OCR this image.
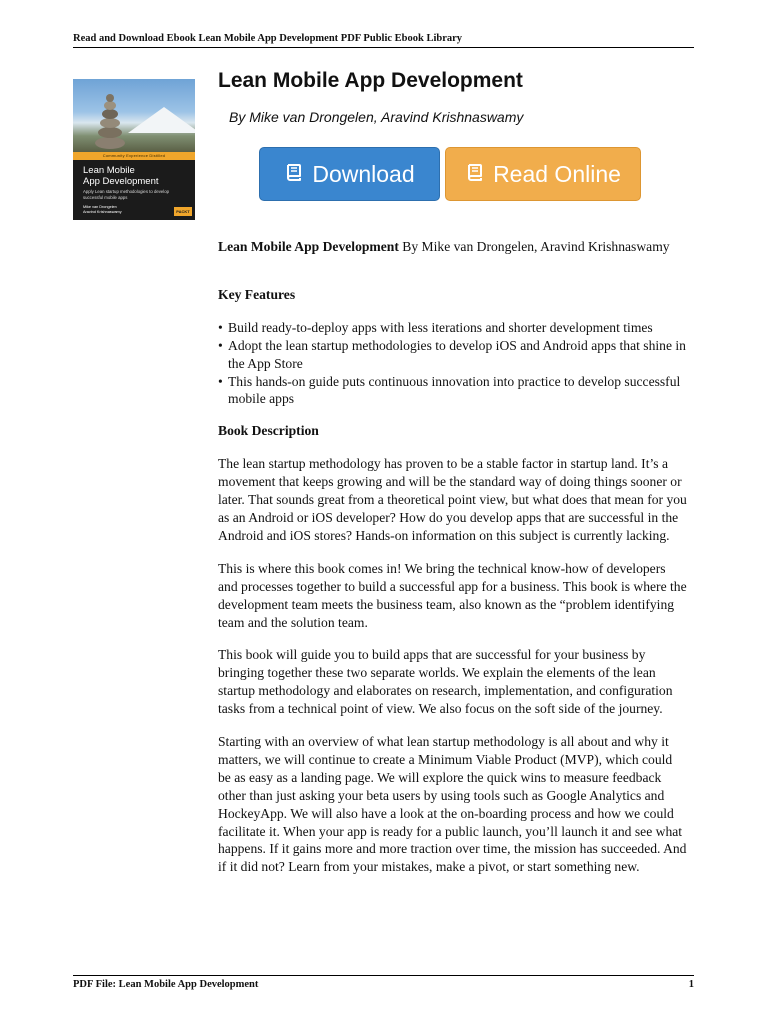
Read and Download Ebook Lean Mobile App Development PDF Public Ebook Library
Community Experience Distilled
Lean Mobile
App Development
Apply Lean startup methodologies to develop successful mobile apps
Mike van Drongelen
Aravind Krishnaswamy	PACKT
Lean Mobile App Development
By Mike van Drongelen, Aravind Krishnaswamy
Download	Read Online

Lean Mobile App Development By Mike van Drongelen, Aravind Krishnaswamy

Key Features
• Build ready-to-deploy apps with less iterations and shorter development times
• Adopt the lean startup methodologies to develop iOS and Android apps that shine in the App Store
• This hands-on guide puts continuous innovation into practice to develop successful mobile apps
Book Description

The lean startup methodology has proven to be a stable factor in startup land. It’s a movement that keeps growing and will be the standard way of doing things sooner or later. That sounds great from a theoretical point view, but what does that mean for you as an Android or iOS developer? How do you develop apps that are successful in the Android and iOS stores? Hands-on information on this subject is currently lacking.

This is where this book comes in! We bring the technical know-how of developers and processes together to build a successful app for a business. This book is where the development team meets the business team, also known as the “problem identifying team and the solution team.

This book will guide you to build apps that are successful for your business by bringing together these two separate worlds. We explain the elements of the lean startup methodology and elaborates on research, implementation, and configuration tasks from a technical point of view. We also focus on the soft side of the journey.

Starting with an overview of what lean startup methodology is all about and why it matters, we will continue to create a Minimum Viable Product (MVP), which could be as easy as a landing page. We will explore the quick wins to measure feedback other than just asking your beta users by using tools such as Google Analytics and HockeyApp. We will also have a look at the on-boarding process and how we could facilitate it. When your app is ready for a public launch, you’ll launch it and see what happens. If it gains more and more traction over time, the mission has succeeded. And if it did not? Learn from your mistakes, make a pivot, or start something new.

PDF File: Lean Mobile App Development	1
